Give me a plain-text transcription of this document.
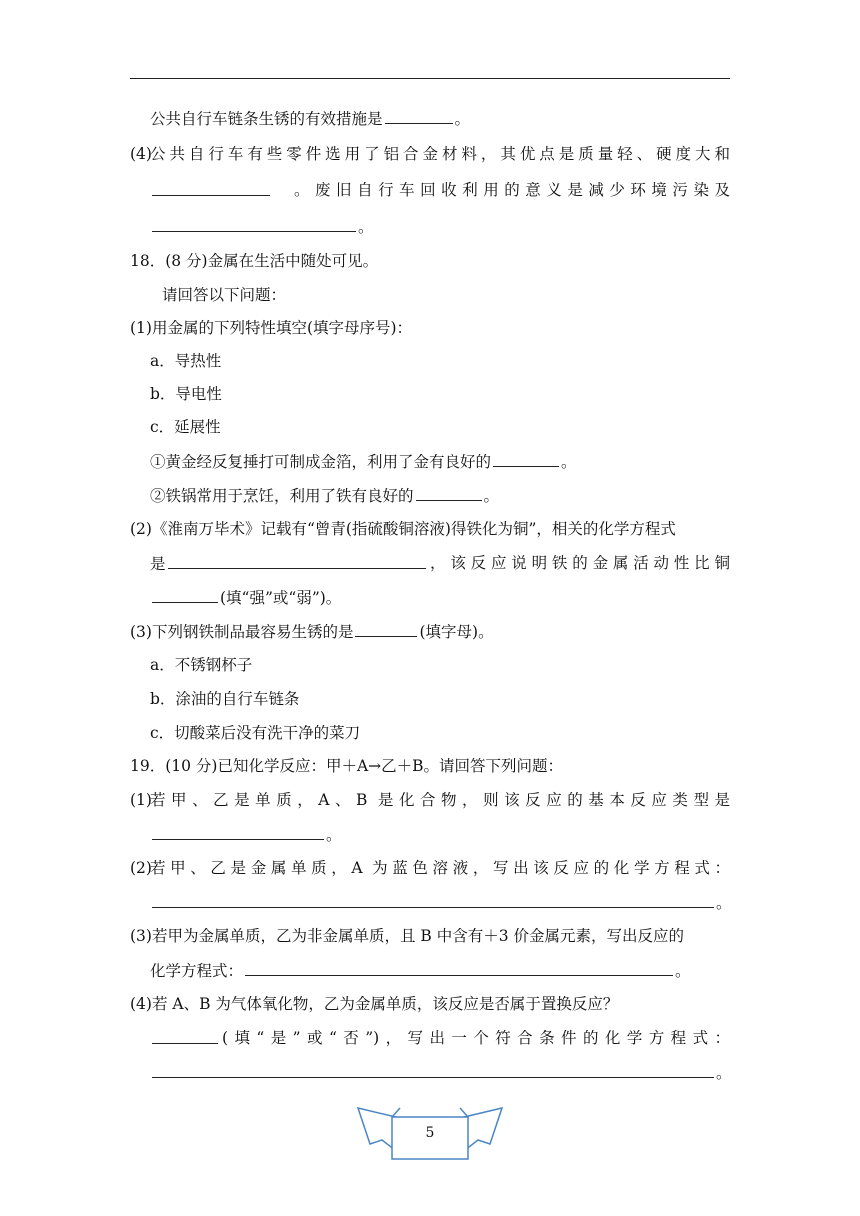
公共自行车链条生锈的有效措施是	。
(4)
公共自行车有些零件选用了铝合金材料，其优点是质量轻、硬度大和
。废旧自行车回收利用的意义是减少环境污染及
。
18．(8 分)金属在生活中随处可见。
请回答以下问题：
(1)用金属的下列特性填空(填字母序号)：
a．导热性
b．导电性
c．延展性
①黄金经反复捶打可制成金箔，利用了金有良好的	。
②铁锅常用于烹饪，利用了铁有良好的	。
(2)《淮南万毕术》记载有“曾青(指硫酸铜溶液)得铁化为铜”，相关的化学方程式
是	，该反应说明铁的金属活动性比铜
(填“强”或“弱”)。
(3)下列钢铁制品最容易生锈的是	(填字母)。
a．不锈钢杯子
b．涂油的自行车链条
c．切酸菜后没有洗干净的菜刀
19．(10 分)已知化学反应：甲＋A→乙＋B。请回答下列问题：
(1)
若甲、乙是单质，A、B 是化合物，则该反应的基本反应类型是
。
(2)
若甲、乙是金属单质，A 为蓝色溶液，写出该反应的化学方程式：
。
(3)若甲为金属单质，乙为非金属单质，且 B 中含有＋3 价金属元素，写出反应的
化学方程式：	。
(4)若 A、B 为气体氧化物，乙为金属单质，该反应是否属于置换反应？
(填“是”或“否”)，写出一个符合条件的化学方程式：
。
5
